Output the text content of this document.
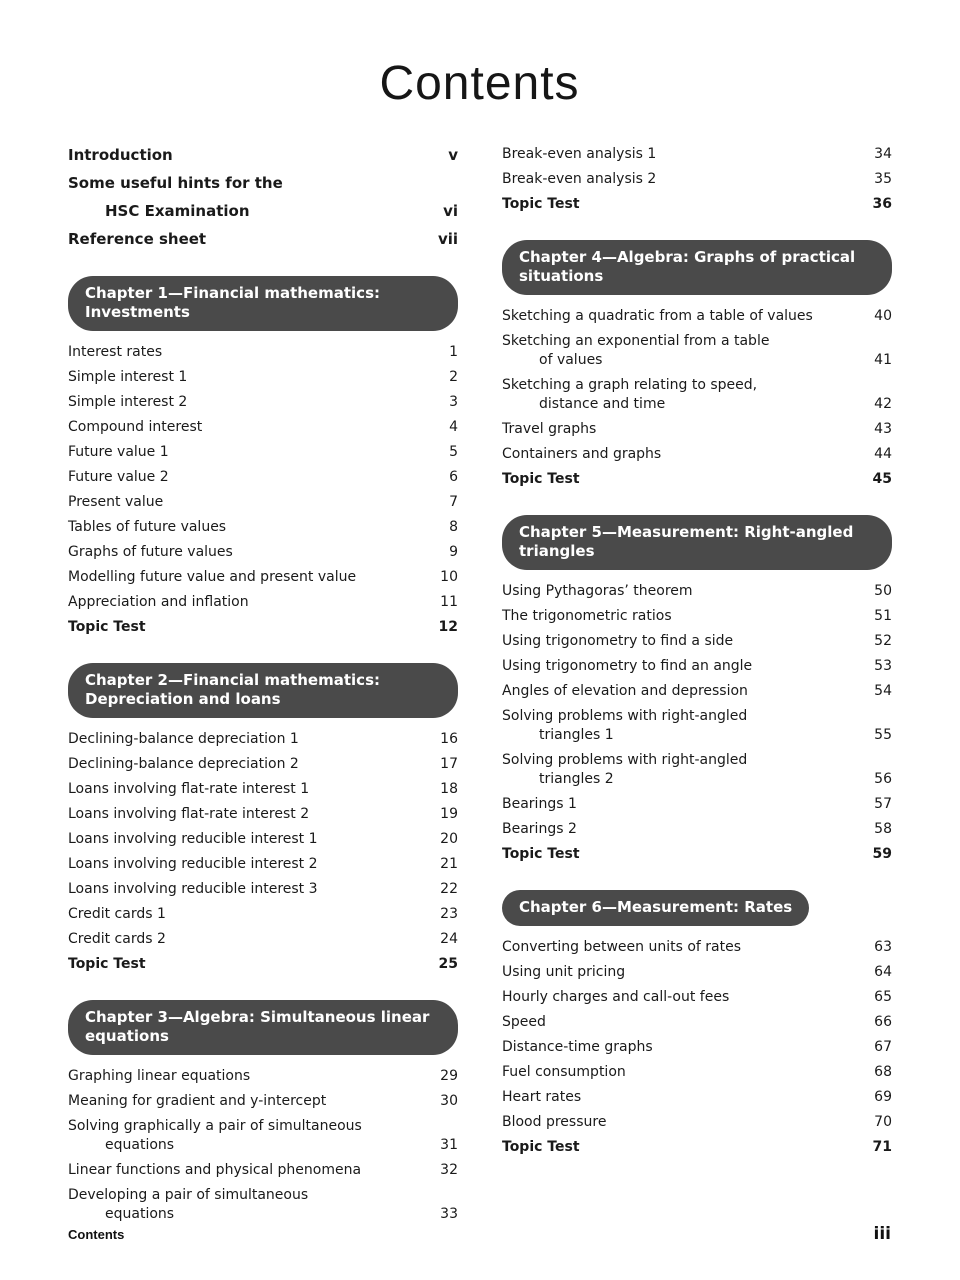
Contents
Introduction	v
Some useful hints for the
HSC Examination	vi
Reference sheet	vii
Chapter 1—Financial mathematics: Investments
Interest rates	1
Simple interest 1	2
Simple interest 2	3
Compound interest	4
Future value 1	5
Future value 2	6
Present value	7
Tables of future values	8
Graphs of future values	9
Modelling future value and present value	10
Appreciation and inflation	11
Topic Test	12
Chapter 2—Financial mathematics: Depreciation and loans
Declining-balance depreciation 1	16
Declining-balance depreciation 2	17
Loans involving flat-rate interest 1	18
Loans involving flat-rate interest 2	19
Loans involving reducible interest 1	20
Loans involving reducible interest 2	21
Loans involving reducible interest 3	22
Credit cards 1	23
Credit cards 2	24
Topic Test	25
Chapter 3—Algebra: Simultaneous linear equations
Graphing linear equations	29
Meaning for gradient and y-intercept	30
Solving graphically a pair of simultaneous
equations	31
Linear functions and physical phenomena	32
Developing a pair of simultaneous
equations	33
Break-even analysis 1	34
Break-even analysis 2	35
Topic Test	36
Chapter 4—Algebra: Graphs of practical situations
Sketching a quadratic from a table of values	40
Sketching an exponential from a table
of values	41
Sketching a graph relating to speed,
distance and time	42
Travel graphs	43
Containers and graphs	44
Topic Test	45
Chapter 5—Measurement: Right-angled triangles
Using Pythagoras’ theorem	50
The trigonometric ratios	51
Using trigonometry to find a side	52
Using trigonometry to find an angle	53
Angles of elevation and depression	54
Solving problems with right-angled
triangles 1	55
Solving problems with right-angled
triangles 2	56
Bearings 1	57
Bearings 2	58
Topic Test	59
Chapter 6—Measurement: Rates
Converting between units of rates	63
Using unit pricing	64
Hourly charges and call-out fees	65
Speed	66
Distance-time graphs	67
Fuel consumption	68
Heart rates	69
Blood pressure	70
Topic Test	71
Contents	iii
